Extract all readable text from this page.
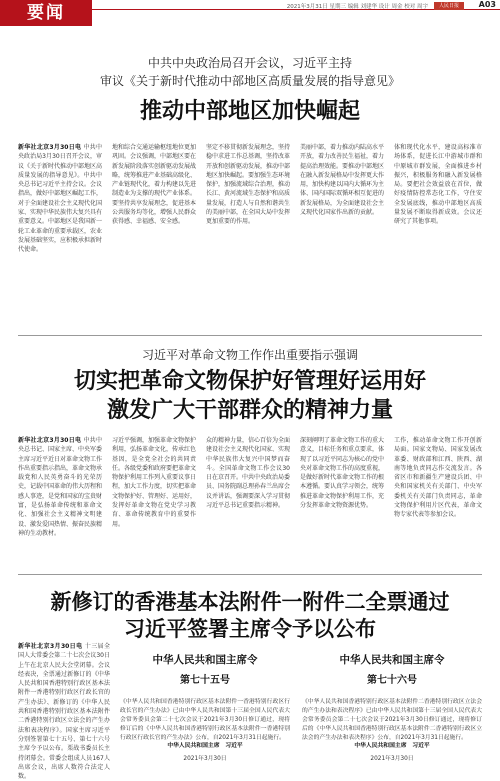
要闻	2021年3月31日 星期三 编辑 刘建华 设计 周金 校对 周宇	人民日报	A03
中共中央政治局召开会议，习近平主持
审议《关于新时代推动中部地区高质量发展的指导意见》
推动中部地区加快崛起
新华社北京3月30日电 中共中央政治局3月30日召开会议，审议《关于新时代推动中部地区高质量发展的指导意见》。中共中央总书记习近平主持会议。会议指出，做好中部地区崛起工作，对于全面建设社会主义现代化国家、实现中华民族伟大复兴具有重要意义。中部地区是我国新一轮工业革命的重要承载区，农业发展基础坚实，应积极承担新时代使命。
地和综合交通运输枢纽地位更加巩固。会议强调，中部地区要在新发展阶段落实创新驱动发展战略，统筹推进产业基础高级化、产业链现代化，着力构建以先进制造业为支撑的现代产业体系。要坚持共享发展理念，促进基本公共服务均等化，增强人民群众获得感、幸福感、安全感。
坚定不移贯彻新发展理念，坚持稳中求进工作总基调，坚持改革开放和创新驱动发展，推动中部地区加快崛起。要加强生态环境保护，加强流域综合治理，推动长江、黄河流域生态保护和高质量发展，打造人与自然和谐共生的美丽中部，在全国大局中发挥更加重要的作用。
美丽中部，着力推动内陆高水平开放，着力改善民生福祉，着力提高治理效能。要推动中部地区在融入新发展格局中发挥更大作用，加快构建以国内大循环为主体、国内国际双循环相互促进的新发展格局，为全面建设社会主义现代化国家作出新的贡献。
体和现代化水平，建设高标准市场体系，促进长江中游城市群和中原城市群发展，全面推进乡村振兴，积极服务和融入新发展格局。要把社会效益放在首位，做好疫情防控常态化工作，守住安全发展底线，推动中部地区高质量发展不断取得新成效。会议还研究了其他事项。
习近平对革命文物工作作出重要指示强调
切实把革命文物保护好管理好运用好
激发广大干部群众的精神力量
新华社北京3月30日电 中共中央总书记、国家主席、中央军委主席习近平近日对革命文物工作作出重要指示指出，革命文物承载党和人民英勇奋斗的光荣历史，记载中国革命的伟大历程和感人事迹，是党和国家的宝贵财富，是弘扬革命传统和革命文化、加强社会主义精神文明建设、激发爱国热情、振奋民族精神的生动教材。
习近平强调，加强革命文物保护利用，弘扬革命文化，传承红色基因，是全党全社会的共同责任。各级党委和政府要把革命文物保护利用工作列入重要议事日程，加大工作力度，切实把革命文物保护好、管理好、运用好，发挥好革命文物在党史学习教育、革命传统教育中的重要作用。
众的精神力量，信心百倍为全面建设社会主义现代化国家、实现中华民族伟大复兴中国梦而奋斗。全国革命文物工作会议30日在京召开。中共中央政治局委员、国务院副总理孙春兰出席会议并讲话，强调要深入学习贯彻习近平总书记重要指示精神。
深刻阐明了革命文物工作的重大意义，目标任务和重点要求，体现了以习近平同志为核心的党中央对革命文物工作的高度重视，是做好新时代革命文物工作的根本遵循。要认真学习领会，统筹推进革命文物保护利用工作，充分发挥革命文物资源优势。
工作，推动革命文物工作开创新局面。国家文物局、国家发展改革委、财政部和江西、陕西、湖南等地负责同志作交流发言。各省区市和新疆生产建设兵团、中央和国家机关有关部门、中央军委机关有关部门负责同志，革命文物保护利用片区代表，革命文物专家代表等参加会议。
新修订的香港基本法附件一附件二全票通过
习近平签署主席令予以公布
新华社北京3月30日电 十三届全国人大常委会第二十七次会议30日上午在北京人民大会堂闭幕。会议经表决，全票通过新修订的《中华人民共和国香港特别行政区基本法附件一香港特别行政区行政长官的产生办法》、新修订的《中华人民共和国香港特别行政区基本法附件二香港特别行政区立法会的产生办法和表决程序》。国家主席习近平分别签署第七十五号、第七十六号主席令予以公布。栗战书委员长主持闭幕会。常委会组成人员167人出席会议，出席人数符合法定人数。
中华人民共和国主席令
第七十五号
《中华人民共和国香港特别行政区基本法附件一香港特别行政区行政长官的产生办法》已由中华人民共和国第十三届全国人民代表大会常务委员会第二十七次会议于2021年3月30日修订通过，现将修订后的《中华人民共和国香港特别行政区基本法附件一香港特别行政区行政长官的产生办法》公布，自2021年3月31日起施行。
中华人民共和国主席　习近平
2021年3月30日
中华人民共和国主席令
第七十六号
《中华人民共和国香港特别行政区基本法附件二香港特别行政区立法会的产生办法和表决程序》已由中华人民共和国第十三届全国人民代表大会常务委员会第二十七次会议于2021年3月30日修订通过，现将修订后的《中华人民共和国香港特别行政区基本法附件二香港特别行政区立法会的产生办法和表决程序》公布，自2021年3月31日起施行。
中华人民共和国主席　习近平
2021年3月30日
